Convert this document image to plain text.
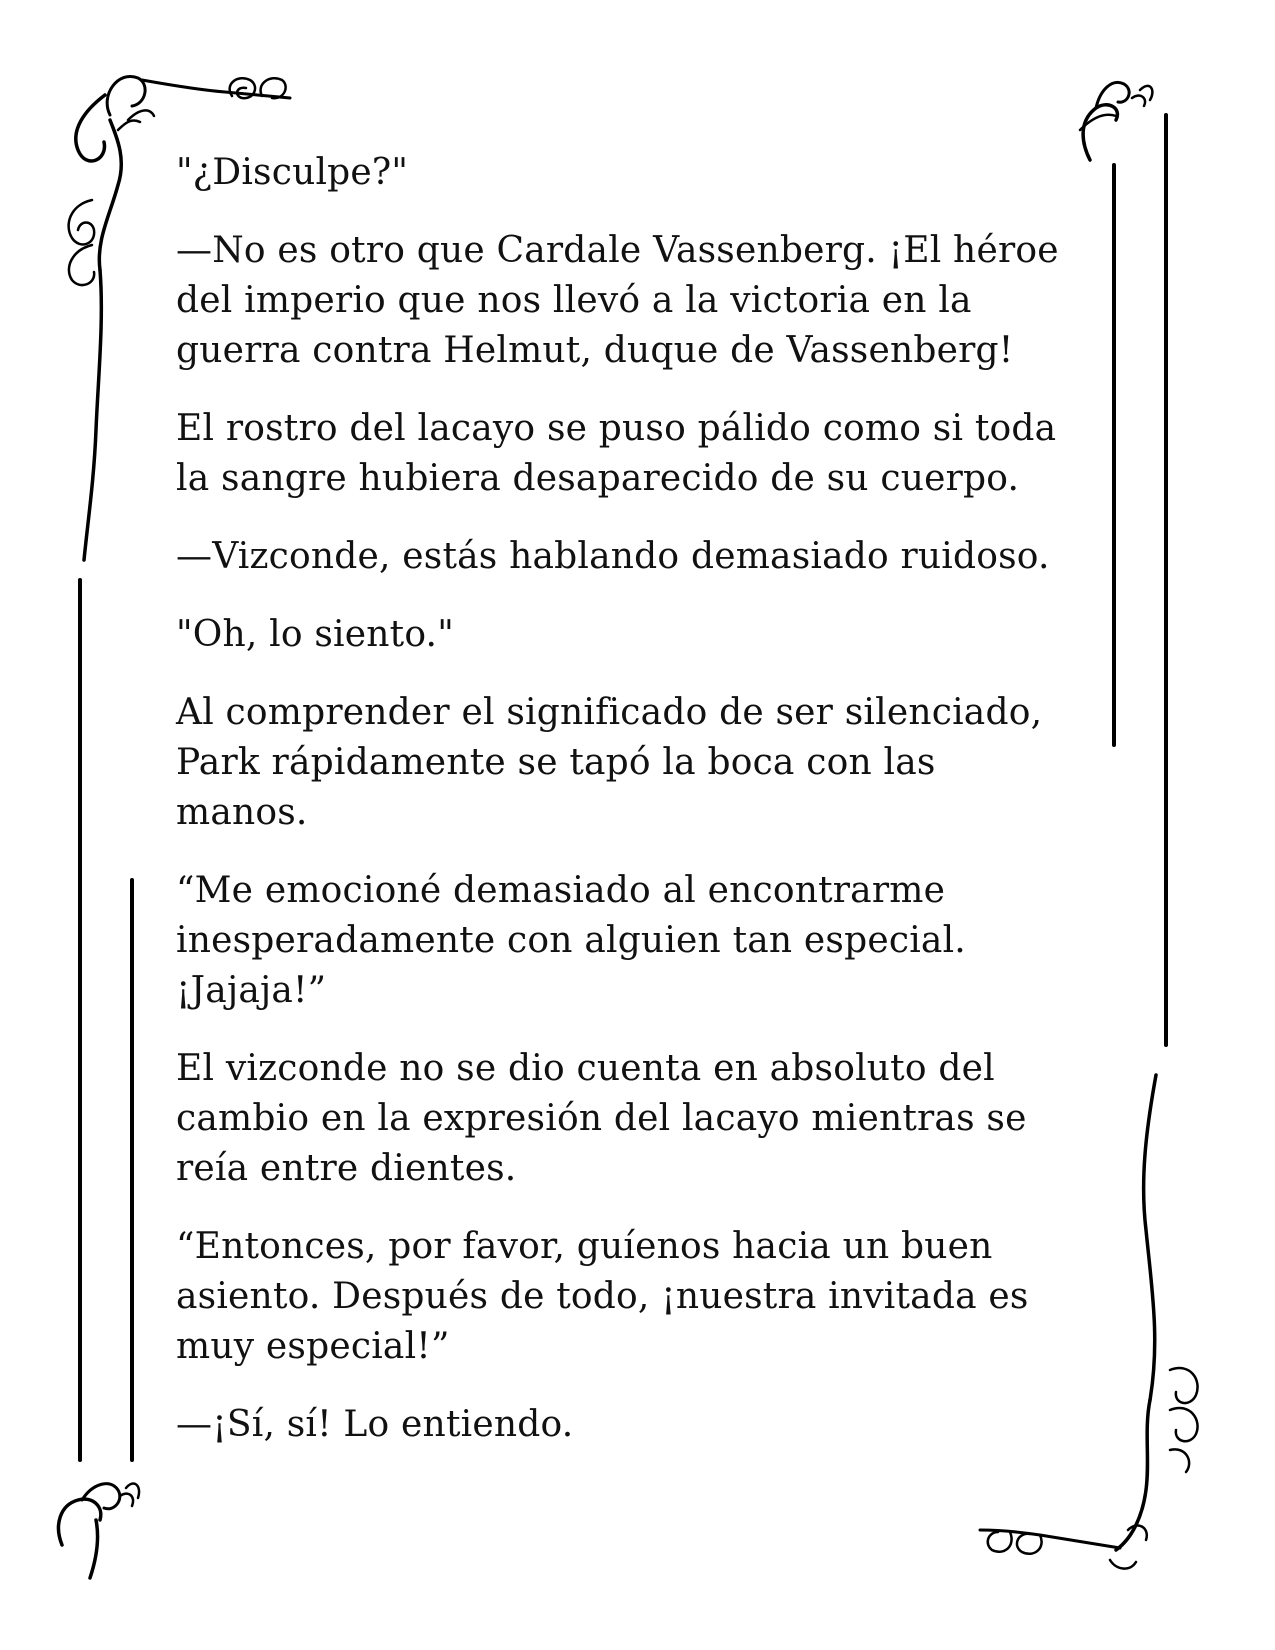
"¿Disculpe?"

—No es otro que Cardale Vassenberg. ¡El héroe
del imperio que nos llevó a la victoria en la
guerra contra Helmut, duque de Vassenberg!

El rostro del lacayo se puso pálido como si toda
la sangre hubiera desaparecido de su cuerpo.

—Vizconde, estás hablando demasiado ruidoso.

"Oh, lo siento."

Al comprender el significado de ser silenciado,
Park rápidamente se tapó la boca con las
manos.

“Me emocioné demasiado al encontrarme
inesperadamente con alguien tan especial.
¡Jajaja!”

El vizconde no se dio cuenta en absoluto del
cambio en la expresión del lacayo mientras se
reía entre dientes.

“Entonces, por favor, guíenos hacia un buen
asiento. Después de todo, ¡nuestra invitada es
muy especial!”

—¡Sí, sí! Lo entiendo.
